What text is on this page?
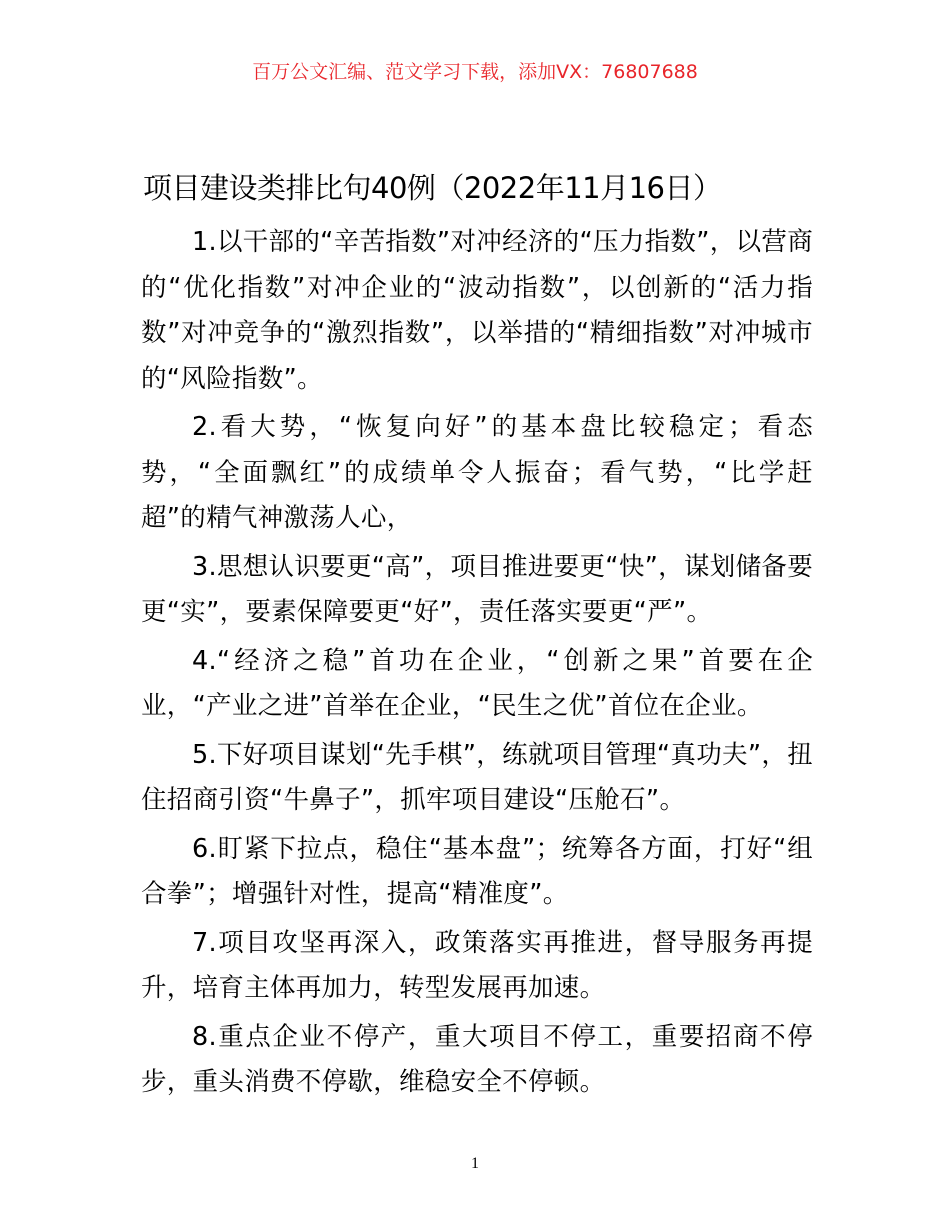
百万公文汇编、范文学习下载，添加VX：76807688
项目建设类排比句40例（2022年11月16日）

1.以干部的“辛苦指数”对冲经济的“压力指数”，以营商的“优化指数”对冲企业的“波动指数”，以创新的“活力指数”对冲竞争的“激烈指数”，以举措的“精细指数”对冲城市的“风险指数”。

2.看大势，“恢复向好”的基本盘比较稳定；看态势，“全面飘红”的成绩单令人振奋；看气势，“比学赶超”的精气神激荡人心，

3.思想认识要更“高”，项目推进要更“快”，谋划储备要更“实”，要素保障要更“好”，责任落实要更“严”。

4.“经济之稳”首功在企业，“创新之果”首要在企业，“产业之进”首举在企业，“民生之优”首位在企业。

5.下好项目谋划“先手棋”，练就项目管理“真功夫”，扭住招商引资“牛鼻子”，抓牢项目建设“压舱石”。

6.盯紧下拉点，稳住“基本盘”；统筹各方面，打好“组合拳”；增强针对性，提高“精准度”。

7.项目攻坚再深入，政策落实再推进，督导服务再提升，培育主体再加力，转型发展再加速。

8.重点企业不停产，重大项目不停工，重要招商不停步，重头消费不停歇，维稳安全不停顿。

1
